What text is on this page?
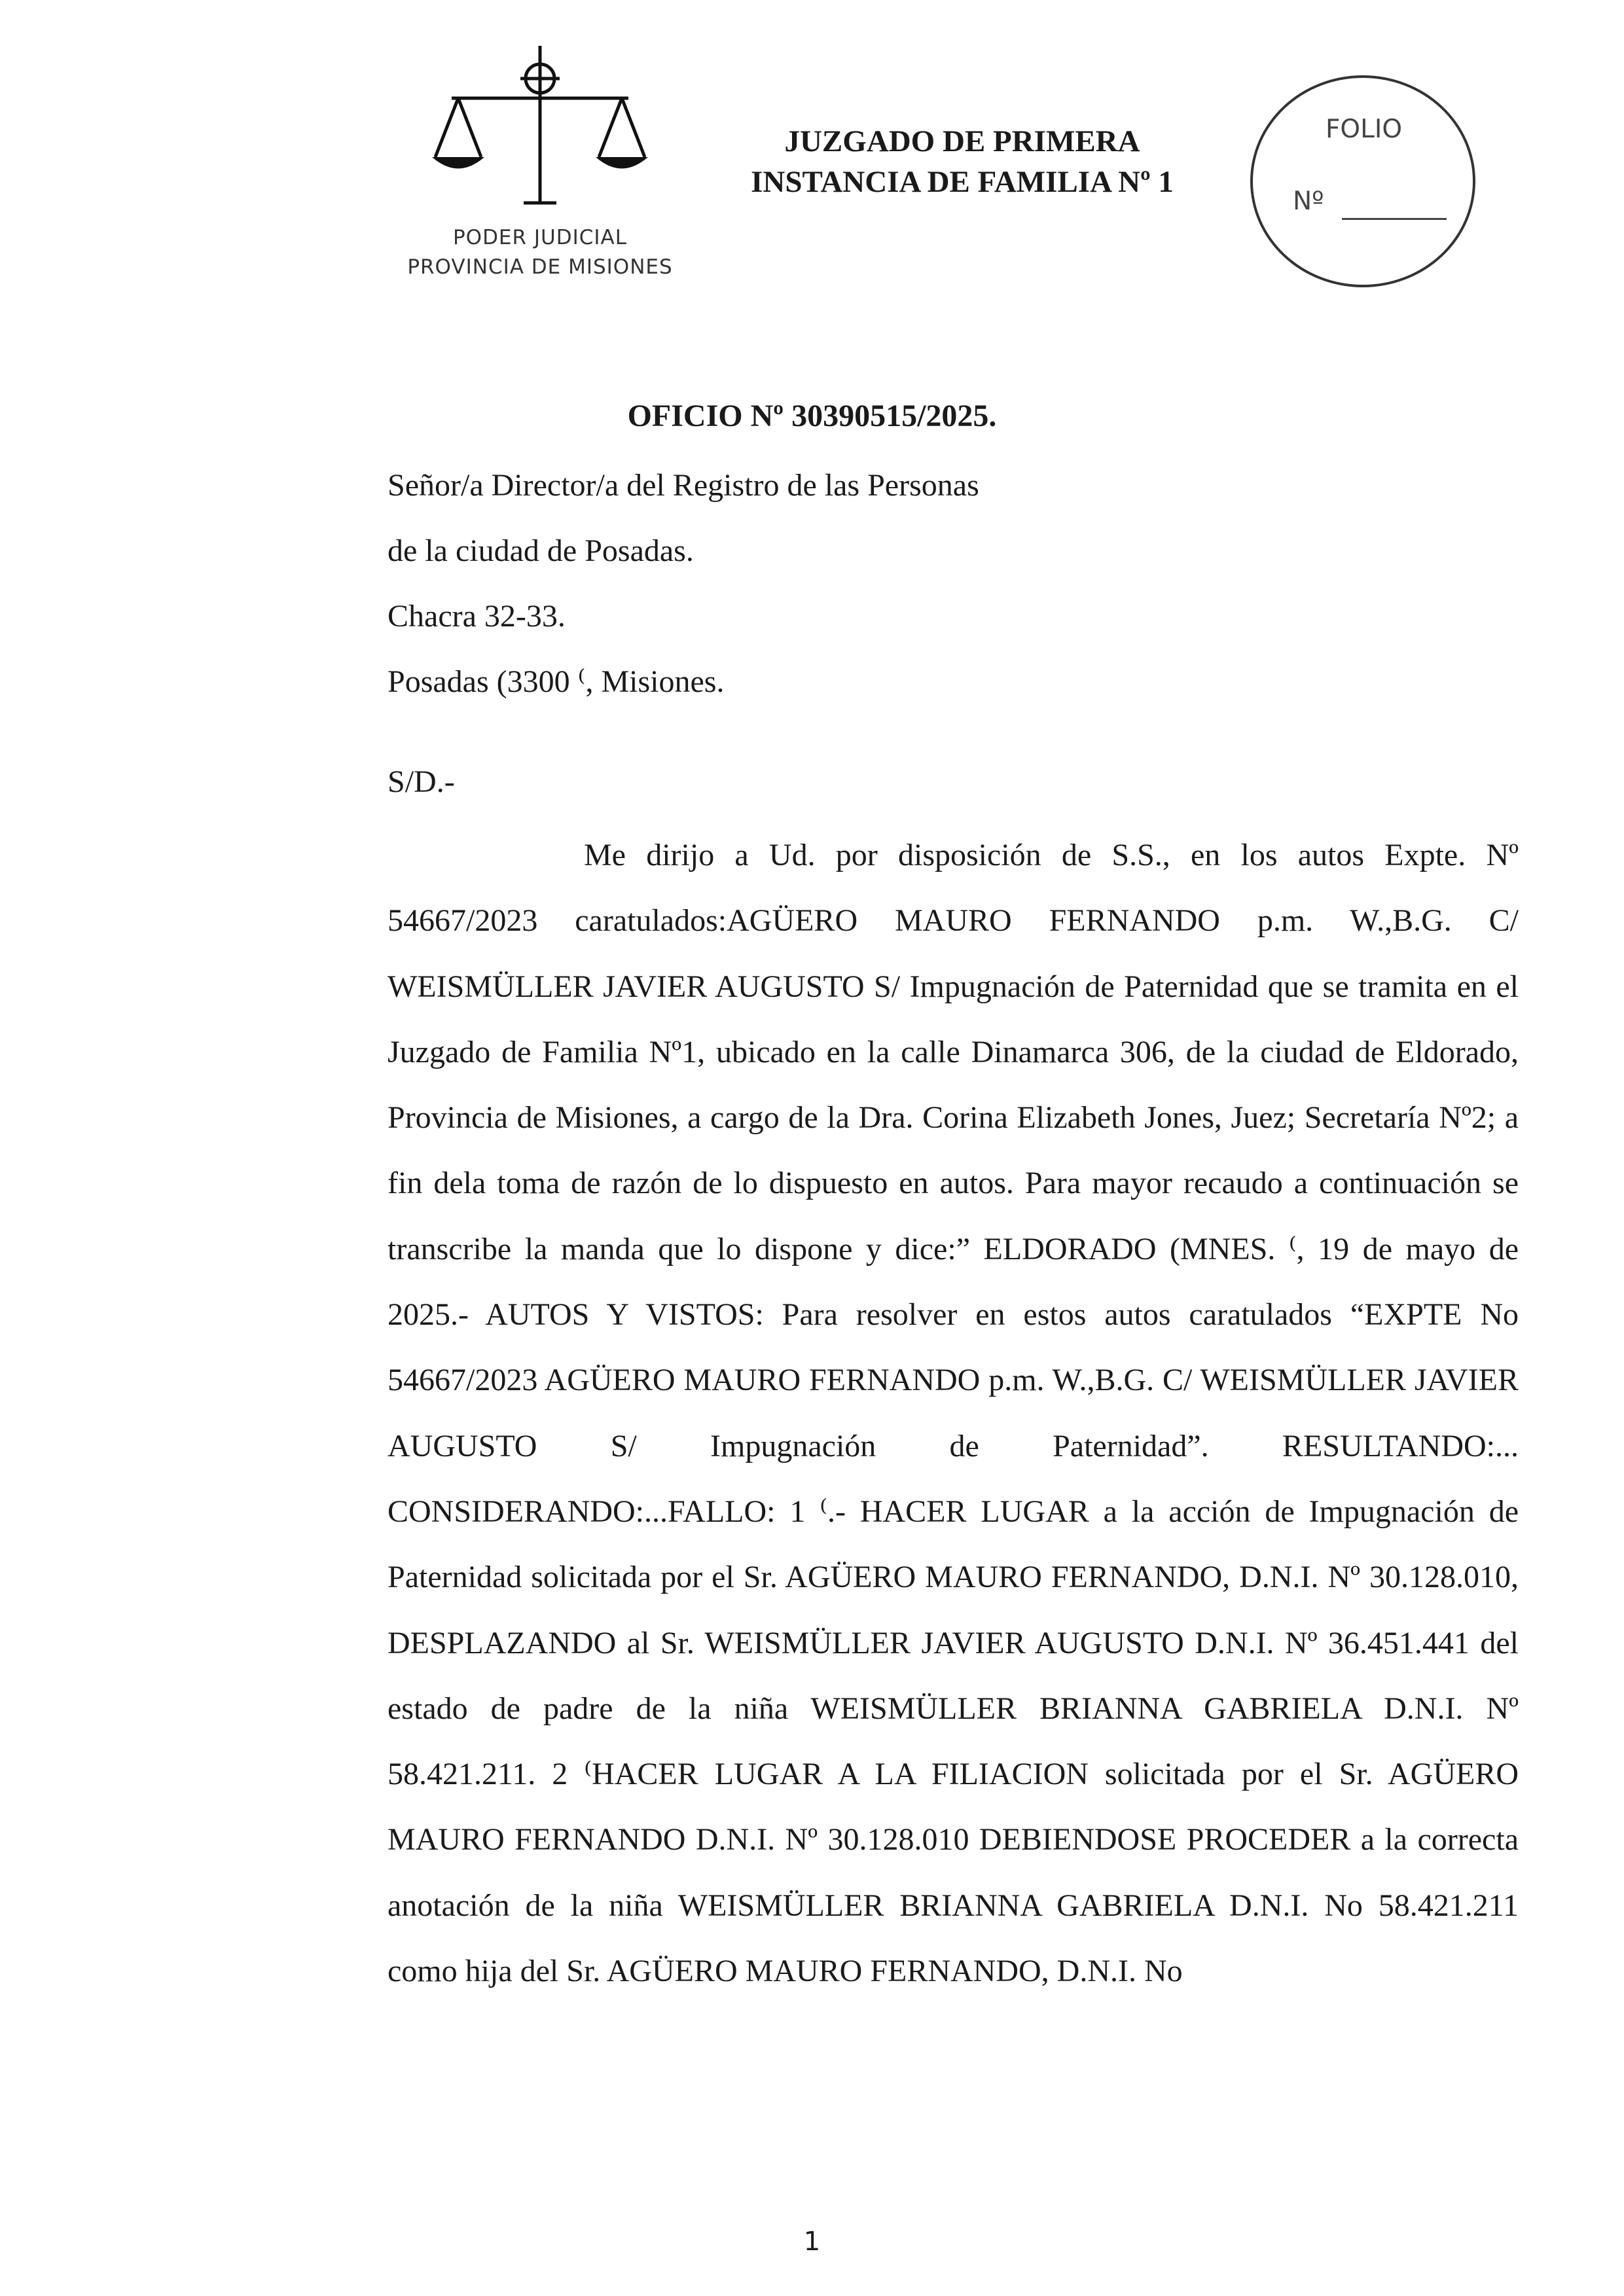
PODER JUDICIAL
PROVINCIA DE MISIONES
JUZGADO DE PRIMERA
INSTANCIA DE FAMILIA Nº 1
FOLIO
Nº
OFICIO Nº 30390515/2025.
Señor/a Director/a del Registro de las Personas
de la ciudad de Posadas.
Chacra 32-33.
Posadas (3300 ⁽, Misiones.
S/D.-

Me dirijo a Ud. por disposición de S.S., en los autos Expte. Nº 54667/2023 caratulados:AGÜERO MAURO FERNANDO p.m. W.,B.G. C/ WEISMÜLLER JAVIER AUGUSTO S/ Impugnación de Paternidad que se tramita en el Juzgado de Familia Nº1, ubicado en la calle Dinamarca 306, de la ciudad de Eldorado, Provincia de Misiones, a cargo de la Dra. Corina Elizabeth Jones, Juez; Secretaría Nº2; a fin dela toma de razón de lo dispuesto en autos. Para mayor recaudo a continuación se transcribe la manda que lo dispone y dice:” ELDORADO (MNES. ⁽, 19 de mayo de 2025.- AUTOS Y VISTOS: Para resolver en estos autos caratulados “EXPTE No 54667/2023 AGÜERO MAURO FERNANDO p.m. W.,B.G. C/ WEISMÜLLER JAVIER AUGUSTO S/ Impugnación de Paternidad”. RESULTANDO:... CONSIDERANDO:...FALLO: 1 ⁽.- HACER LUGAR a la acción de Impugnación de Paternidad solicitada por el Sr. AGÜERO MAURO FERNANDO, D.N.I. Nº 30.128.010, DESPLAZANDO al Sr. WEISMÜLLER JAVIER AUGUSTO D.N.I. Nº 36.451.441 del estado de padre de la niña WEISMÜLLER BRIANNA GABRIELA D.N.I. Nº 58.421.211. 2 ⁽HACER LUGAR A LA FILIACION solicitada por el Sr. AGÜERO MAURO FERNANDO D.N.I. Nº 30.128.010 DEBIENDOSE PROCEDER a la correcta anotación de la niña WEISMÜLLER BRIANNA GABRIELA D.N.I. No 58.421.211 como hija del Sr. AGÜERO MAURO FERNANDO, D.N.I. No

1
